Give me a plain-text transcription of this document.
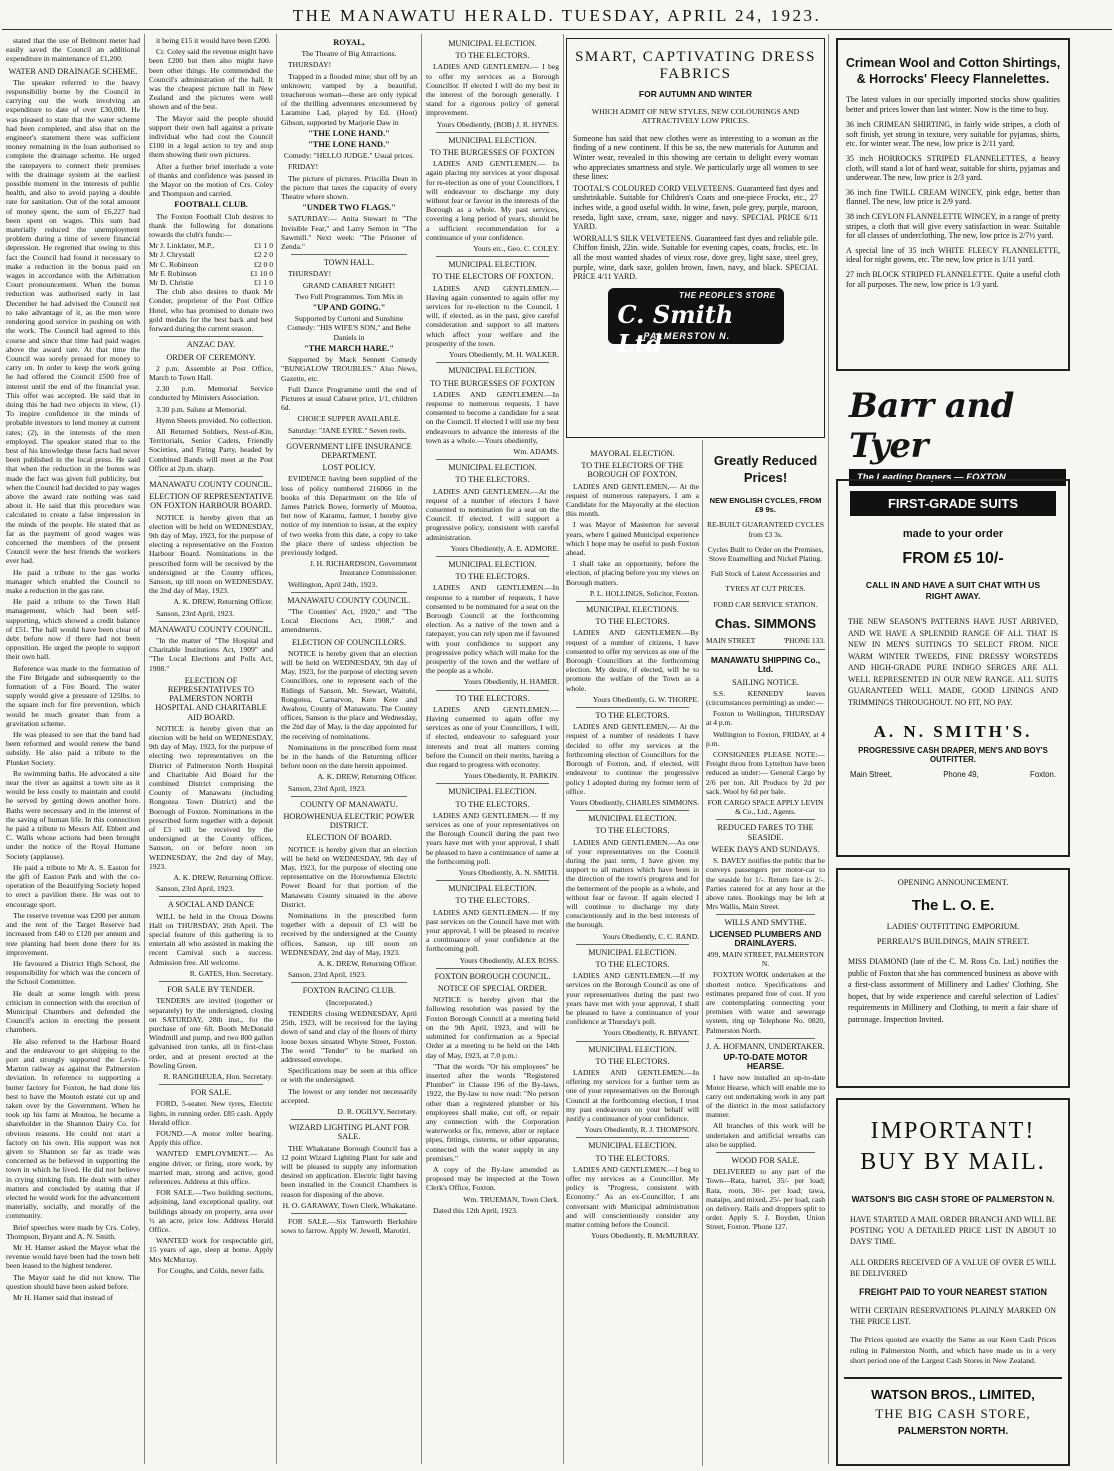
THE MANAWATU HERALD. TUESDAY, APRIL 24, 1923.

stated that the use of Belmont meter had easily saved the Council an additional expenditure in maintenance of £1,200.

WATER AND DRAINAGE SCHEME.

The speaker referred to the heavy responsibility borne by the Council in carrying out the work involving an expenditure to date of over £30,000. He was pleased to state that the water scheme had been completed, and also that on the engineer's statement there was sufficient money remaining in the loan authorised to complete the drainage scheme. He urged the ratepayers to connect their premises with the drainage system at the earliest possible moment in the interests of public health, and also to avoid paying a double rate for sanitation. Out of the total amount of money spent, the sum of £6,227 had been spent on wages. This sum had materially reduced the unemployment problem during a time of severe financial depression. He regretted that owing to this fact the Council had found it necessary to make a reduction in the bonus paid on wages in accordance with the Arbitration Court pronouncement. When the bonus reduction was authorised early in last December he had advised the Council not to take advantage of it, as the men were rendering good service in pushing on with the work. The Council had agreed to this course and since that time had paid wages above the award rate. At that time the Council was sorely pressed for money to carry on. In order to keep the work going he had offered the Council £500 free of interest until the end of the financial year. This offer was accepted. He said that in doing this he had two objects in view, (1) To inspire confidence in the minds of probable investors to lend money at current rates; (2), in the interests of the men employed. The speaker stated that to the best of his knowledge these facts had never been published in the local press. He said that when the reduction in the bonus was made the fact was given full publicity, but when the Council had decided to pay wages above the award rate nothing was said about it. He said that this procedure was calculated to create a false impression in the minds of the people. He stated that as far as the payment of good wages was concerned the members of the present Council were the best friends the workers ever had.

He paid a tribute to the gas works manager which enabled the Council to make a reduction in the gas rate.

He paid a tribute to the Town Hall management, which had been self-supporting, which showed a credit balance of £51. The hall would have been clear of debt before now if there had not been opposition. He urged the people to support their own hall.

Reference was made to the formation of the Fire Brigade and subsequently to the formation of a Fire Board. The water supply would give a pressure of 125lbs. to the square inch for fire prevention, which would be much greater than from a gravitation scheme.

He was pleased to see that the band had been reformed and would renew the band subsidy. He also paid a tribute to the Plunket Society.

Re swimming baths. He advocated a site near the river as against a town site as it would be less costly to maintain and could be served by getting down another bore. Baths were necessary and in the interest of the saving of human life. In this connection he paid a tribute to Messrs Alf. Ebbett and C. Walls whose actions had been brought under the notice of the Royal Humane Society (applause).

He paid a tribute to Mr A. S. Easton for the gift of Easton Park and with the co-operation of the Beautifying Society hoped to erect a pavilion there. He was out to encourage sport.

The reserve revenue was £200 per annum and the rent of the Target Reserve had increased from £40 to £120 per annum and tree planting had been done there for its improvement.

He favoured a District High School, the responsibility for which was the concern of the School Committee.

He dealt at some length with press criticism in connection with the erection of Municipal Chambers and defended the Council's action in erecting the present chambers.

He also referred to the Harbour Board and the endeavour to get shipping to the port and strongly supported the Levin-Marton railway as against the Palmerston deviation. In reference to supporting a butter factory for Foxton, he had done his best to have the Moutoh estate cut up and taken over by the Government. When he took up his farm at Moutoa, he became a shareholder in the Shannon Dairy Co. for obvious reasons. He could not start a factory on his own. His support was not given to Shannon so far as trade was concerned as he believed in supporting the town in which he lived. He did not believe in crying stinking fish. He dealt with other matters and concluded by stating that if elected he would work for the advancement materially, socially, and morally of the community.

Brief speeches were made by Crs. Coley, Thompson, Bryant and A. N. Smith.

Mr H. Hamer asked the Mayor what the revenue would have been had the town belt been leased to the highest tenderer.

The Mayor said he did not know. The question should have been asked before.

Mr H. Hamer said that instead of

it being £15 it would have been £200.

Cr. Coley said the revenue might have been £200 but then also might have been other things. He commended the Council's administration of the hall. It was the cheapest picture hall in New Zealand and the pictures were well shown and of the best.

The Mayor said the people should support their own hall against a private individual who had cost the Council £100 in a legal action to try and stop them showing their own pictures.

After a further brief interlude a vote of thanks and confidence was passed in the Mayor on the motion of Crs. Coley and Thompson and carried.

FOOTBALL CLUB.

The Foxton Football Club desires to thank the following for donations towards the club's funds:—

Mr J. Linklater, M.P.,	£1 1 0
Mr J. Chrystall	£2 2 0
Mr C. Robinson	£2 0 0
Mr F. Robinson	£1 10 0
Mr D. Christie	£1 1 0

The club also desires to thank Mr Conder, proprietor of the Post Office Hotel, who has promised to donate two gold medals for the best back and best forward during the current season.

ANZAC DAY.
ORDER OF CEREMONY.

2 p.m. Assemble at Post Office, March to Town Hall.

2.30 p.m. Memorial Service conducted by Ministers Association.

3.30 p.m. Salute at Memorial.

Hymn Sheets provided. No collection.

All Returned Soldiers, Next-of-Kin, Territorials, Senior Cadets, Friendly Societies, and Firing Party, headed by Combined Bands will meet at the Post Office at 2p.m. sharp.

MANAWATU COUNTY COUNCIL.
ELECTION OF REPRESENTATIVE ON FOXTON HARBOUR BOARD.

NOTICE is hereby given that an election will be held on WEDNESDAY, 9th day of May, 1923, for the purpose of electing a representative on the Foxton Harbour Board. Nominations in the prescribed form will be received by the undersigned at the County offices, Sanson, up till noon on WEDNESDAY, the 2nd day of May, 1923.

A. K. DREW, Returning Officer.

Sanson, 23rd April, 1923.

MANAWATU COUNTY COUNCIL.

"In the matter of "The Hospital and Charitable Institutions Act, 1909" and "The Local Elections and Polls Act, 1908."

ELECTION OF REPRESENTATIVES TO PALMERSTON NORTH HOSPITAL AND CHARITABLE AID BOARD.

NOTICE is hereby given that an election will be held on WEDNESDAY, 9th day of May, 1923, for the purpose of electing two representatives on the District of Palmerston North Hospital and Charitable Aid Board for the combined District comprising the County of Manawatu (including Rongotea Town District) and the Borough of Foxton. Nominations in the prescribed form together with a deposit of £3 will be received by the undersigned at the County offices, Sanson, on or before noon on WEDNESDAY, the 2nd day of May, 1923.

A. K. DREW, Returning Officer.

Sanson, 23rd April, 1923.

A SOCIAL AND DANCE

WILL be held in the Oroua Downs Hall on THURSDAY, 26th April. The special feature of this gathering is to entertain all who assisted in making the recent Carnival such a success. Admission free. All welcome.

R. GATES, Hon. Secretary.

FOR SALE BY TENDER.

TENDERS are invited (together or separately) by the undersigned, closing on SATURDAY, 28th inst., for the purchase of one 6ft. Booth McDonald Windmill and pump, and two 800 gallon galvanised iron tanks, all in first-class order, and at present erected at the Bowling Green.

R. RANGIHEUEA, Hon. Secretary.

FOR SALE.

FORD, 5-seater. New tyres, Electric lights, in running order. £85 cash. Apply Herald office.

FOUND.—A motor roller bearing. Apply this office.

WANTED EMPLOYMENT.— As engine driver, or firing, store work, by married man, strong and active, good references. Address at this office.

FOR SALE.—Two building sections, adjoining, land exceptional quality, out buildings already on property, area over ½ an acre, price low. Address Herald Office.

WANTED work for respectable girl, 15 years of age, sleep at home. Apply Mrs McMurray.

For Coughs, and Colds, never fails.

ROYAL,

The Theatre of Big Attractions.

THURSDAY!

Trapped in a flooded mine; shut off by an unknown; vamped by a beautiful, treacherous woman—these are only typical of the thrilling adventures encountered by Laramine Lad, played by Ed. (Hoot) Gibson, supported by Marjorie Daw in

"THE LONE HAND."
"THE LONE HAND."

Comedy: "HELLO JUDGE." Usual prices.

FRIDAY!

The picture of pictures. Priscilla Dean in the picture that taxes the capacity of every Theatre where shown.

"UNDER TWO FLAGS."

SATURDAY:— Anita Stewart in "The Invisible Fear," and Larry Semon in "The Sawmill." Next week: "The Prisoner of Zenda."

TOWN HALL.

THURSDAY!

GRAND CABARET NIGHT!

Two Full Programmes. Tom Mix in

"UP AND GOING."

Supported by Curtoni and Sunshine Comedy: "HIS WIFE'S SON," and Bebe Daniels in

"THE MARCH HARE."

Supported by Mack Sennett Comedy "BUNGALOW TROUBLES." Also News, Gazette, etc.

Full Dance Programme until the end of Pictures at usual Cabaret price, 1/1, children 6d.

CHOICE SUPPER AVAILABLE.

Saturday: "JANE EYRE." Seven reels.

GOVERNMENT LIFE INSURANCE DEPARTMENT.
LOST POLICY.

EVIDENCE having been supplied of the loss of policy numbered 216066 in the books of this Department on the life of James Patrick Bowe, formerly of Moutoa, but now of Karamu, farmer, I hereby give notice of my intention to issue, at the expiry of two weeks from this date, a copy to take the place there of unless objection be previously lodged.

J. H. RICHARDSON, Government Insurance Commissioner.

Wellington, April 24th, 1923.

MANAWATU COUNTY COUNCIL.

"The Counties' Act, 1920," and "The Local Elections Act, 1908," and amendments.

ELECTION OF COUNCILLORS.

NOTICE is hereby given that an election will be held on WEDNESDAY, 9th day of May, 1923, for the purpose of electing seven Councillors, one to represent each of the Ridings of Sanson, Mt. Stewart, Waitohi, Rongotea, Carnarvon, Kere Kere and Awahou, County of Manawatu. The County offices, Sanson is the place and Wednesday, the 2nd day of May, is the day appointed for the receiving of nominations.

Nominations in the prescribed form must be in the hands of the Returning officer before noon on the date herein appointed.

A. K. DREW, Returning Officer.

Sanson, 23rd April, 1923.

COUNTY OF MANAWATU.
HOROWHENUA ELECTRIC POWER DISTRICT.
ELECTION OF BOARD.

NOTICE is hereby given that an election will be held on WEDNESDAY, 9th day of May, 1923, for the purpose of electing one representative on the Horowhenua Electric Power Board for that portion of the Manawatu County situated in the above District.

Nominations in the prescribed form together with a deposit of £3 will be received by the undersigned at the County offices, Sanson, up till noon on WEDNESDAY, 2nd day of May, 1923.

A. K. DREW, Returning Officer.

Sanson, 23rd April, 1923.

FOXTON RACING CLUB.

(Incorporated.)

TENDERS closing WEDNESDAY, April 25th, 1923, will be received for the laying down of sand and clay of the floors of thirty loose boxes situated Whyte Street, Foxton. The word "Tender" to be marked on addressed envelope.

Specifications may be seen at this office or with the undersigned.

The lowest or any tender not necessarily accepted.

D. R. OGILVY, Secretary.

WIZARD LIGHTING PLANT FOR SALE.

THE Whakatane Borough Council has a 12 point Wizard Lighting Plant for sale and will be pleased to supply any information desired on application. Electric light having been installed in the Council Chambers is reason for disposing of the above.

H. O. GARAWAY, Town Clerk, Whakatane.

FOR SALE.—Six Tamworth Berkshire sows to farrow. Apply W. Jewell, Marotiri.

MUNICIPAL ELECTION.
TO THE ELECTORS.

LADIES AND GENTLEMEN.— I beg to offer my services as a Borough Councillor. If elected I will do my best in the interest of the borough generally. I stand for a rigorous policy of general improvement.

Yours Obediently, (BOB) J. R. HYNES.

MUNICIPAL ELECTION.
TO THE BURGESSES OF FOXTON

LADIES AND GENTLEMEN.— In again placing my services at your disposal for re-election as one of your Councillors, I will endeavour to discharge my duty without fear or favour in the interests of the Borough as a whole. My past services, covering a long period of years, should be a sufficient recommendation for a continuance of your confidence.

Yours etc., Geo. C. COLEY.

MUNICIPAL ELECTION.
TO THE ELECTORS OF FOXTON.

LADIES AND GENTLEMEN.— Having again consented to again offer my services for re-election to the Council, I will, if elected, as in the past, give careful consideration and support to all matters which affect your welfare and the prosperity of the town.

Yours Obediently, M. H. WALKER.

MUNICIPAL ELECTION.
TO THE BURGESSES OF FOXTON

LADIES AND GENTLEMEN.—In response to numerous requests, I have consented to become a candidate for a seat on the Council. If elected I will use my best endeavours to advance the interests of the town as a whole.—Yours obediently,

Wm. ADAMS.

MUNICIPAL ELECTION.
TO THE ELECTORS.

LADIES AND GENTLEMEN.—At the request of a number of electors I have consented to nomination for a seat on the Council. If elected, I will support a progressive policy, consistent with careful administration.

Yours Obediently, A. E. ADMORE.

MUNICIPAL ELECTION.
TO THE ELECTORS.

LADIES AND GENTLEMEN.—In response to a number of requests, I have consented to be nominated for a seat on the Borough Council at the forthcoming election. As a native of the town and a ratepayer, you can rely upon me if favoured with your confidence to support any progressive policy which will make for the prosperity of the town and the welfare of the people as a whole.

Yours Obediently, H. HAMER.

TO THE ELECTORS.

LADIES AND GENTLEMEN.— Having consented to again offer my services as one of your Councillors, I will, if elected, endeavour to safeguard your interests and treat all matters coming before the Council on their merits, having a due regard to progress with economy.

Yours Obediently, R. PARKIN.

MUNICIPAL ELECTION.
TO THE ELECTORS.

LADIES AND GENTLEMEN.— If my services as one of your representatives on the Borough Council during the past two years have met with your approval, I shall be pleased to have a continuance of same at the forthcoming poll.

Yours Obediently, A. N. SMITH.

MUNICIPAL ELECTION.
TO THE ELECTORS.

LADIES AND GENTLEMEN.— If my past services on the Council have met with your approval, I will be pleased to receive a continuance of your confidence at the forthcoming poll.

Yours Obediently, ALEX ROSS.

FOXTON BOROUGH COUNCIL.
NOTICE OF SPECIAL ORDER.

NOTICE is hereby given that the following resolution was passed by the Foxton Borough Council at a meeting held on the 9th April, 1923, and will be submitted for confirmation as a Special Order at a meeting to be held on the 14th day of May, 1923, at 7.0 p.m.:

"That the words "Or his employees" be inserted after the words "Registered Plumber" in Clause 196 of the By-laws, 1922, the By-law to now read: "No person other than a registered plumber or his employees shall make, cut off, or repair any connection with the Corporation waterworks or fix, remove, alter or replace pipes, fittings, cisterns, or other apparatus, connected with the water supply in any premises."

A copy of the By-law amended as proposed may be inspected at the Town Clerk's Office, Foxton.

Wm. TRUEMAN, Town Clerk.

Dated this 12th April, 1923.

SMART, CAPTIVATING DRESS FABRICS
FOR AUTUMN AND WINTER
WHICH ADMIT OF NEW STYLES, NEW COLOURINGS AND ATTRACTIVELY LOW PRICES.

Someone has said that new clothes were as interesting to a woman as the finding of a new continent. If this be so, the new materials for Autumn and Winter wear, revealed in this showing are certain to delight every woman who appreciates smartness and style. We particularly urge all women to see these lines:

TOOTAL'S COLOURED CORD VELVETEENS. Guaranteed fast dyes and unshrinkable. Suitable for Children's Coats and one-piece Frocks, etc., 27 inches wide, a good useful width. In wine, fawn, pole grey, purple, maroon, reseda, light saxe, cream, saxe, nigger and navy. SPECIAL PRICE 6/11 YARD.

WORRALL'S SILK VELVETEENS. Guaranteed fast dyes and reliable pile. Chiffon finish, 22in. wide. Suitable for evening capes, coats, frocks, etc. In all the most wanted shades of vieux rose, dove grey, light saxe, steel grey, purple, wine, dark saxe, golden brown, fawn, navy, and black. SPECIAL PRICE 4/11 YARD.

THE PEOPLE'S STORE
C. Smith Ltd
PALMERSTON N.
Crimean Wool and Cotton Shirtings, & Horrocks' Fleecy Flannelettes.

The latest values in our specially imported stocks show qualities better and prices lower than last winter. Now is the time to buy.

36 inch CRIMEAN SHIRTING, in fairly wide stripes, a cloth of soft finish, yet strong in texture, very suitable for pyjamas, shirts, etc. for winter wear. The new, low price is 2/11 yard.

35 inch HORROCKS STRIPED FLANNELETTES, a heavy cloth, will stand a lot of hard wear, suitable for shirts, pyjamas and underwear. The new, low price is 2/3 yard.

36 inch fine TWILL CREAM WINCEY, pink edge, better than flannel. The new, low price is 2/9 yard.

38 inch CEYLON FLANNELETTE WINCEY, in a range of pretty stripes, a cloth that will give every satisfaction in wear. Suitable for all classes of underclothing. The new, low price is 2/7½ yard.

A special line of 35 inch WHITE FLEECY FLANNELETTE, ideal for night gowns, etc. The new, low price is 1/11 yard.

27 inch BLOCK STRIPED FLANNELETTE. Quite a useful cloth for all purposes. The new, low price is 1/3 yard.

Barr and Tyer
The Leading Drapers — FOXTON
FIRST-GRADE SUITS
made to your order
FROM £5 10/-
CALL IN AND HAVE A SUIT CHAT WITH US RIGHT AWAY.

THE NEW SEASON'S PATTERNS HAVE JUST ARRIVED, AND WE HAVE A SPLENDID RANGE OF ALL THAT IS NEW IN MEN'S SUITINGS TO SELECT FROM. NICE WARM WINTER TWEEDS, FINE DRESSY WORSTEDS AND HIGH-GRADE PURE INDIGO SERGES ARE ALL WELL REPRESENTED IN OUR NEW RANGE. ALL SUITS GUARANTEED WELL MADE, GOOD LININGS AND TRIMMINGS THROUGHOUT. NO FIT, NO PAY.

A. N. SMITH'S.
PROGRESSIVE CASH DRAPER, MEN'S AND BOY'S OUTFITTER.
Main Street,	Phone 49,	Foxton.
MAYORAL ELECTION.
TO THE ELECTORS OF THE BOROUGH OF FOXTON.

LADIES AND GENTLEMEN,— At the request of numerous ratepayers, I am a Candidate for the Mayoralty at the election this month.

I was Mayor of Masterton for several years, where I gained Municipal experience which I hope may be useful to push Foxton ahead.

I shall take an opportunity, before the election, of placing before you my views on Borough matters.

P. L. HOLLINGS, Solicitor, Foxton.

MUNICIPAL ELECTIONS.
TO THE ELECTORS.

LADIES AND GENTLEMEN.—By request of a number of citizens, I have consented to offer my services as one of the Borough Councillors at the forthcoming election. My desire, if elected, will be to promote the welfare of the Town as a whole.

Yours Obediently, G. W. THORPE.

TO THE ELECTORS.

LADIES AND GENTLEMEN,— At the request of a number of residents I have decided to offer my services at the forthcoming election of Councillors for the Borough of Foxton, and, if elected, will endeavour to continue the progressive policy I adopted during my former term of office.

Yours Obediently, CHARLES SIMMONS.

MUNICIPAL ELECTION.
TO THE ELECTORS.

LADIES AND GENTLEMEN.—As one of your representatives on the Council during the past term, I have given my support to all matters which have been in the direction of the town's progress and for the betterment of the people as a whole, and without fear or favour. If again elected I will continue to discharge my duty conscientiously and in the best interests of the borough.

Yours Obediently, C. C. RAND.

MUNICIPAL ELECTION.
TO THE ELECTORS.

LADIES AND GENTLEMEN.—If my services on the Borough Council as one of your representatives during the past two years have met with your approval, I shall be pleased to have a continuance of your confidence at Thursday's poll.

Yours Obediently, R. BRYANT.

MUNICIPAL ELECTION.
TO THE ELECTORS.

LADIES AND GENTLEMEN.—In offering my services for a further term as one of your representatives on the Borough Council at the forthcoming election, I trust my past endeavours on your behalf will justify a continuance of your confidence.

Yours Obediently, R. J. THOMPSON.

MUNICIPAL ELECTION.
TO THE ELECTORS.

LADIES AND GENTLEMEN.—I beg to offer my services as a Councillor. My policy is "Progress, consistent with Economy." As an ex-Councillor, I am conversant with Municipal administration and will conscientiously consider any matter coming before the Council.

Yours Obediently, R. McMURRAY.

Greatly Reduced Prices!

NEW ENGLISH CYCLES, FROM £9 9s.

RE-BUILT GUARANTEED CYCLES from £3 3s.

Cycles Built to Order on the Premises, Stove Enamelling and Nickel Plating.

Full Stock of Latest Accessories and

TYRES AT CUT PRICES.

FORD CAR SERVICE STATION.

Chas. SIMMONS
MAIN STREET	'PHONE 133.
MANAWATU SHIPPING Co., Ltd.
SAILING NOTICE.

S.S. KENNEDY leaves (circumstances permitting) as under:—

Foxton to Wellington, THURSDAY at 4 p.m.

Wellington to Foxton, FRIDAY, at 4 p.m.

CONSIGNEES PLEASE NOTE:— Freight throu from Lyttelton have been reduced as under:— General Cargo by 2/6 per ton. All Produce by 2d per sack. Wool by 6d per bale.

FOR CARGO SPACE APPLY LEVIN & Co., Ltd., Agents.

REDUCED FARES TO THE SEASIDE.
WEEK DAYS AND SUNDAYS.

S. DAVEY notifies the public that he conveys passengers per motor-car to the seaside for 1/-. Return fare is 2/-. Parties catered for at any hour at the above rates. Bookings may be left at Mrs Wallis, Main Street.

WILLS AND SMYTHE.
LICENSED PLUMBERS AND DRAINLAYERS.

499, MAIN STREET, PALMERSTON N.

FOXTON WORK undertaken at the shortest notice. Specifications and estimates prepared free of cost. If you are contemplating connecting your premises with water and sewerage system, ring up Telephone No. 0820, Palmerston North.

J. A. HOFMANN, UNDERTAKER.
UP-TO-DATE MOTOR HEARSE.

I have now installed an up-to-date Motor Hearse, which will enable me to carry out undertaking work in any part of the district in the most satisfactory manner.

All branches of this work will be undertaken and artificial wreaths can also be supplied.

WOOD FOR SALE.

DELIVERED to any part of the Town—Rata, barrel, 35/- per load; Rata, roots, 30/- per load; tawa, mataipo, and mixed, 25/- per load, cash on delivery. Rails and droppers split to order. Apply S. J. Boyden, Union Street, Foxton. 'Phone 127.

OPENING ANNOUNCEMENT.
The L. O. E.
LADIES' OUTFITTING EMPORIUM.
PERREAU'S BUILDINGS, MAIN STREET.

MISS DIAMOND (late of the C. M. Ross Co. Ltd.) notifies the public of Foxton that she has commenced business as above with a first-class assortment of Millinery and Ladies' Clothing. She hopes, that by wide experience and careful selection of Ladies' requirements in Millinery and Clothing, to merit a fair share of patronage. Inspection Invited.

IMPORTANT!
BUY BY MAIL.
WATSON'S BIG CASH STORE OF PALMERSTON N.

HAVE STARTED A MAIL ORDER BRANCH AND WILL BE POSTING YOU A DETAILED PRICE LIST IN ABOUT 10 DAYS' TIME.

ALL ORDERS RECEIVED OF A VALUE OF OVER £5 WILL BE DELIVERED

FREIGHT PAID TO YOUR NEAREST STATION

WITH CERTAIN RESERVATIONS PLAINLY MARKED ON THE PRICE LIST.

The Prices quoted are exactly the Same as our Keen Cash Prices ruling in Palmerston North, and which have made us in a very short period one of the Largest Cash Stores in New Zealand.

WATSON BROS., LIMITED,
THE BIG CASH STORE,
PALMERSTON NORTH.
